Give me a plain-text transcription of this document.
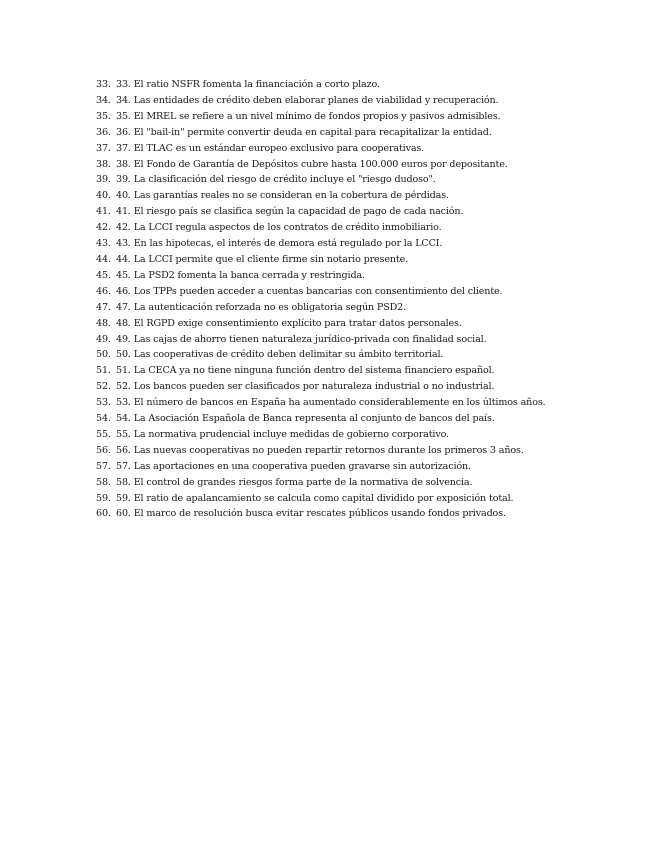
33. 33. El ratio NSFR fomenta la financiación a corto plazo.
34. 34. Las entidades de crédito deben elaborar planes de viabilidad y recuperación.
35. 35. El MREL se refiere a un nivel mínimo de fondos propios y pasivos admisibles.
36. 36. El "bail-in" permite convertir deuda en capital para recapitalizar la entidad.
37. 37. El TLAC es un estándar europeo exclusivo para cooperativas.
38. 38. El Fondo de Garantía de Depósitos cubre hasta 100.000 euros por depositante.
39. 39. La clasificación del riesgo de crédito incluye el "riesgo dudoso".
40. 40. Las garantías reales no se consideran en la cobertura de pérdidas.
41. 41. El riesgo país se clasifica según la capacidad de pago de cada nación.
42. 42. La LCCI regula aspectos de los contratos de crédito inmobiliario.
43. 43. En las hipotecas, el interés de demora está regulado por la LCCI.
44. 44. La LCCI permite que el cliente firme sin notario presente.
45. 45. La PSD2 fomenta la banca cerrada y restringida.
46. 46. Los TPPs pueden acceder a cuentas bancarias con consentimiento del cliente.
47. 47. La autenticación reforzada no es obligatoria según PSD2.
48. 48. El RGPD exige consentimiento explícito para tratar datos personales.
49. 49. Las cajas de ahorro tienen naturaleza jurídico-privada con finalidad social.
50. 50. Las cooperativas de crédito deben delimitar su ámbito territorial.
51. 51. La CECA ya no tiene ninguna función dentro del sistema financiero español.
52. 52. Los bancos pueden ser clasificados por naturaleza industrial o no industrial.
53. 53. El número de bancos en España ha aumentado considerablemente en los últimos años.
54. 54. La Asociación Española de Banca representa al conjunto de bancos del país.
55. 55. La normativa prudencial incluye medidas de gobierno corporativo.
56. 56. Las nuevas cooperativas no pueden repartir retornos durante los primeros 3 años.
57. 57. Las aportaciones en una cooperativa pueden gravarse sin autorización.
58. 58. El control de grandes riesgos forma parte de la normativa de solvencia.
59. 59. El ratio de apalancamiento se calcula como capital dividido por exposición total.
60. 60. El marco de resolución busca evitar rescates públicos usando fondos privados.
